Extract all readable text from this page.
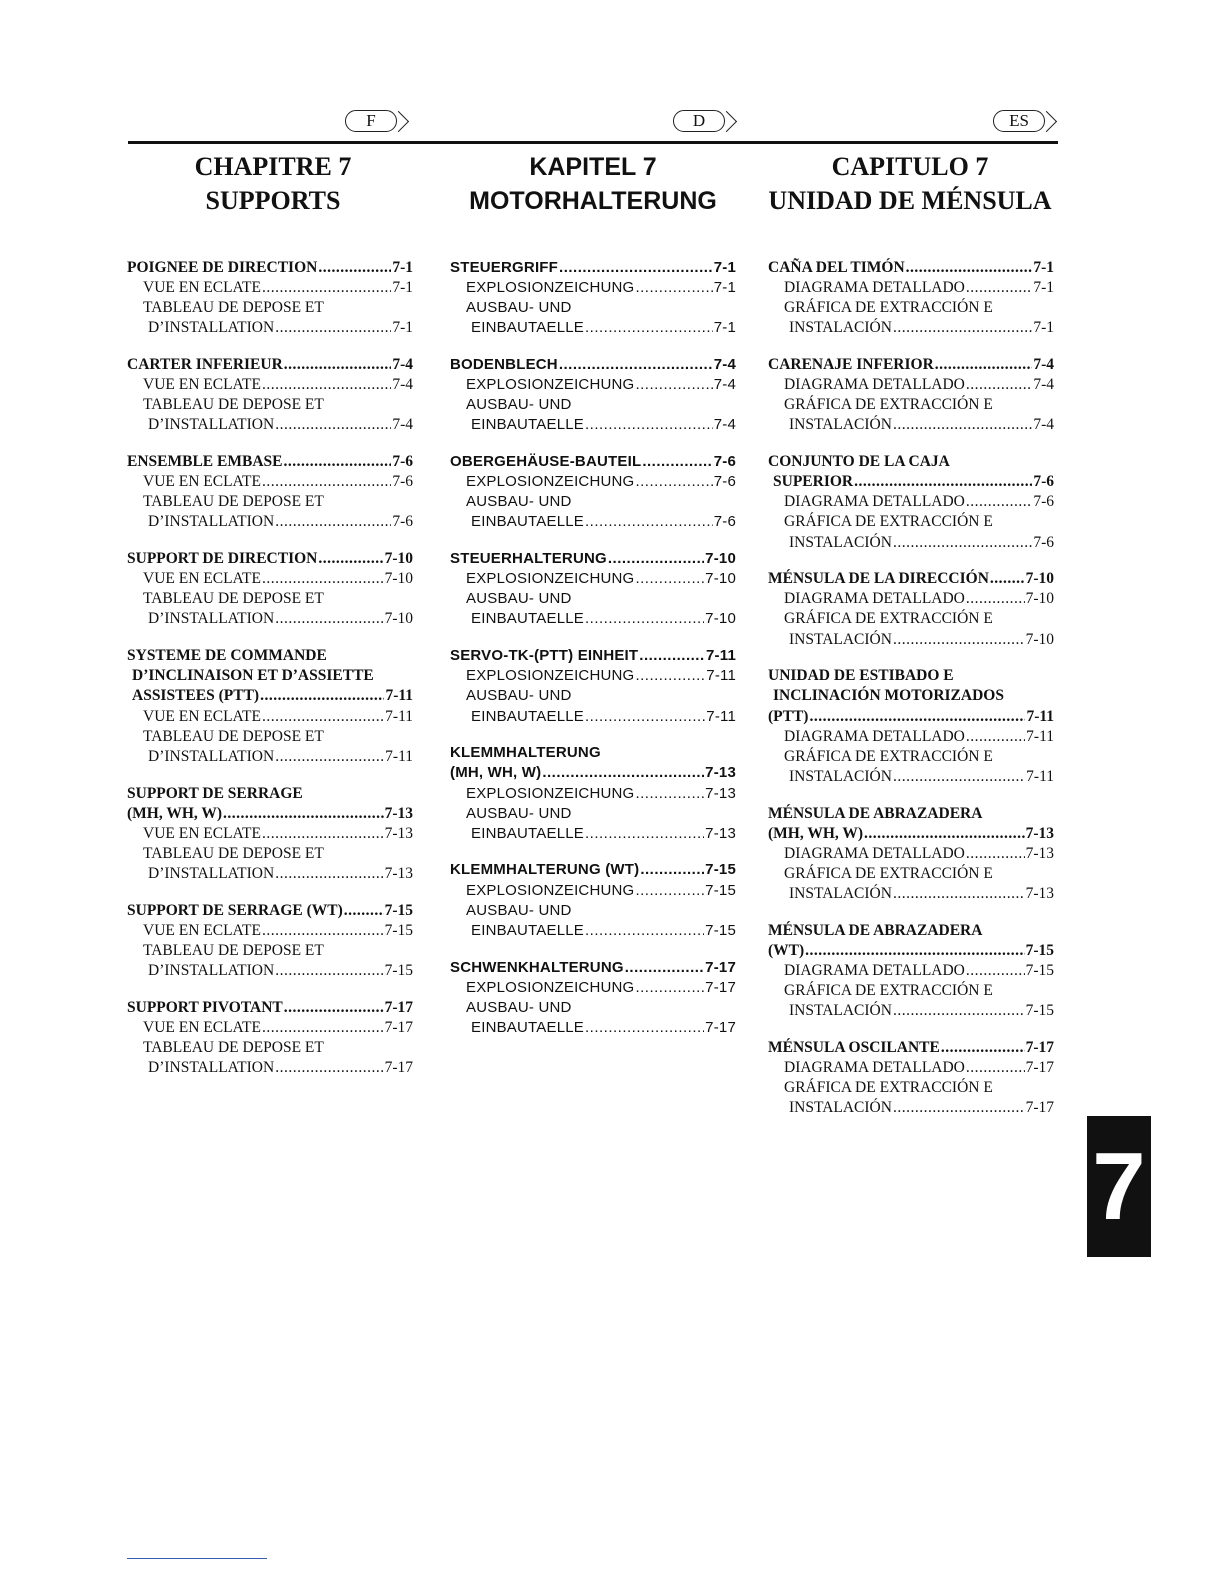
F	D	ES
CHAPITRE 7
SUPPORTS
KAPITEL 7
MOTORHALTERUNG
CAPITULO 7
UNIDAD DE MÉNSULA
POIGNEE DE DIRECTION .....	7-1
VUE EN ECLATE .....	7-1
TABLEAU DE DEPOSE ET
D’INSTALLATION .....	7-1
CARTER INFERIEUR .....	7-4
VUE EN ECLATE .....	7-4
TABLEAU DE DEPOSE ET
D’INSTALLATION .....	7-4
ENSEMBLE EMBASE .....	7-6
VUE EN ECLATE .....	7-6
TABLEAU DE DEPOSE ET
D’INSTALLATION .....	7-6
SUPPORT DE DIRECTION .....	7-10
VUE EN ECLATE .....	7-10
TABLEAU DE DEPOSE ET
D’INSTALLATION .....	7-10
SYSTEME DE COMMANDE
D’INCLINAISON ET D’ASSIETTE
ASSISTEES (PTT) .....	7-11
VUE EN ECLATE .....	7-11
TABLEAU DE DEPOSE ET
D’INSTALLATION .....	7-11
SUPPORT DE SERRAGE
(MH, WH, W) .....	7-13
VUE EN ECLATE .....	7-13
TABLEAU DE DEPOSE ET
D’INSTALLATION .....	7-13
SUPPORT DE SERRAGE (WT) .....	7-15
VUE EN ECLATE .....	7-15
TABLEAU DE DEPOSE ET
D’INSTALLATION .....	7-15
SUPPORT PIVOTANT .....	7-17
VUE EN ECLATE .....	7-17
TABLEAU DE DEPOSE ET
D’INSTALLATION .....	7-17
STEUERGRIFF .....	7-1
EXPLOSIONZEICHUNG .....	7-1
AUSBAU- UND
EINBAUTAELLE .....	7-1
BODENBLECH .....	7-4
EXPLOSIONZEICHUNG .....	7-4
AUSBAU- UND
EINBAUTAELLE .....	7-4
OBERGEHÄUSE-BAUTEIL .....	7-6
EXPLOSIONZEICHUNG .....	7-6
AUSBAU- UND
EINBAUTAELLE .....	7-6
STEUERHALTERUNG .....	7-10
EXPLOSIONZEICHUNG .....	7-10
AUSBAU- UND
EINBAUTAELLE .....	7-10
SERVO-TK-(PTT) EINHEIT .....	7-11
EXPLOSIONZEICHUNG .....	7-11
AUSBAU- UND
EINBAUTAELLE .....	7-11
KLEMMHALTERUNG
(MH, WH, W) .....	7-13
EXPLOSIONZEICHUNG .....	7-13
AUSBAU- UND
EINBAUTAELLE .....	7-13
KLEMMHALTERUNG (WT) .....	7-15
EXPLOSIONZEICHUNG .....	7-15
AUSBAU- UND
EINBAUTAELLE .....	7-15
SCHWENKHALTERUNG .....	7-17
EXPLOSIONZEICHUNG .....	7-17
AUSBAU- UND
EINBAUTAELLE .....	7-17
CAÑA DEL TIMÓN .....	7-1
DIAGRAMA DETALLADO .....	7-1
GRÁFICA DE EXTRACCIÓN E
INSTALACIÓN .....	7-1
CARENAJE INFERIOR .....	7-4
DIAGRAMA DETALLADO .....	7-4
GRÁFICA DE EXTRACCIÓN E
INSTALACIÓN .....	7-4
CONJUNTO DE LA CAJA
SUPERIOR .....	7-6
DIAGRAMA DETALLADO .....	7-6
GRÁFICA DE EXTRACCIÓN E
INSTALACIÓN .....	7-6
MÉNSULA DE LA DIRECCIÓN ..... 7-10
DIAGRAMA DETALLADO .....	7-10
GRÁFICA DE EXTRACCIÓN E
INSTALACIÓN .....	7-10
UNIDAD DE ESTIBADO E
INCLINACIÓN MOTORIZADOS
(PTT) .....	7-11
DIAGRAMA DETALLADO .....	7-11
GRÁFICA DE EXTRACCIÓN E
INSTALACIÓN .....	7-11
MÉNSULA DE ABRAZADERA
(MH, WH, W) .....	7-13
DIAGRAMA DETALLADO .....	7-13
GRÁFICA DE EXTRACCIÓN E
INSTALACIÓN .....	7-13
MÉNSULA DE ABRAZADERA
(WT) .....	7-15
DIAGRAMA DETALLADO .....	7-15
GRÁFICA DE EXTRACCIÓN E
INSTALACIÓN .....	7-15
MÉNSULA OSCILANTE .....	7-17
DIAGRAMA DETALLADO .....	7-17
GRÁFICA DE EXTRACCIÓN E
INSTALACIÓN .....	7-17
7
